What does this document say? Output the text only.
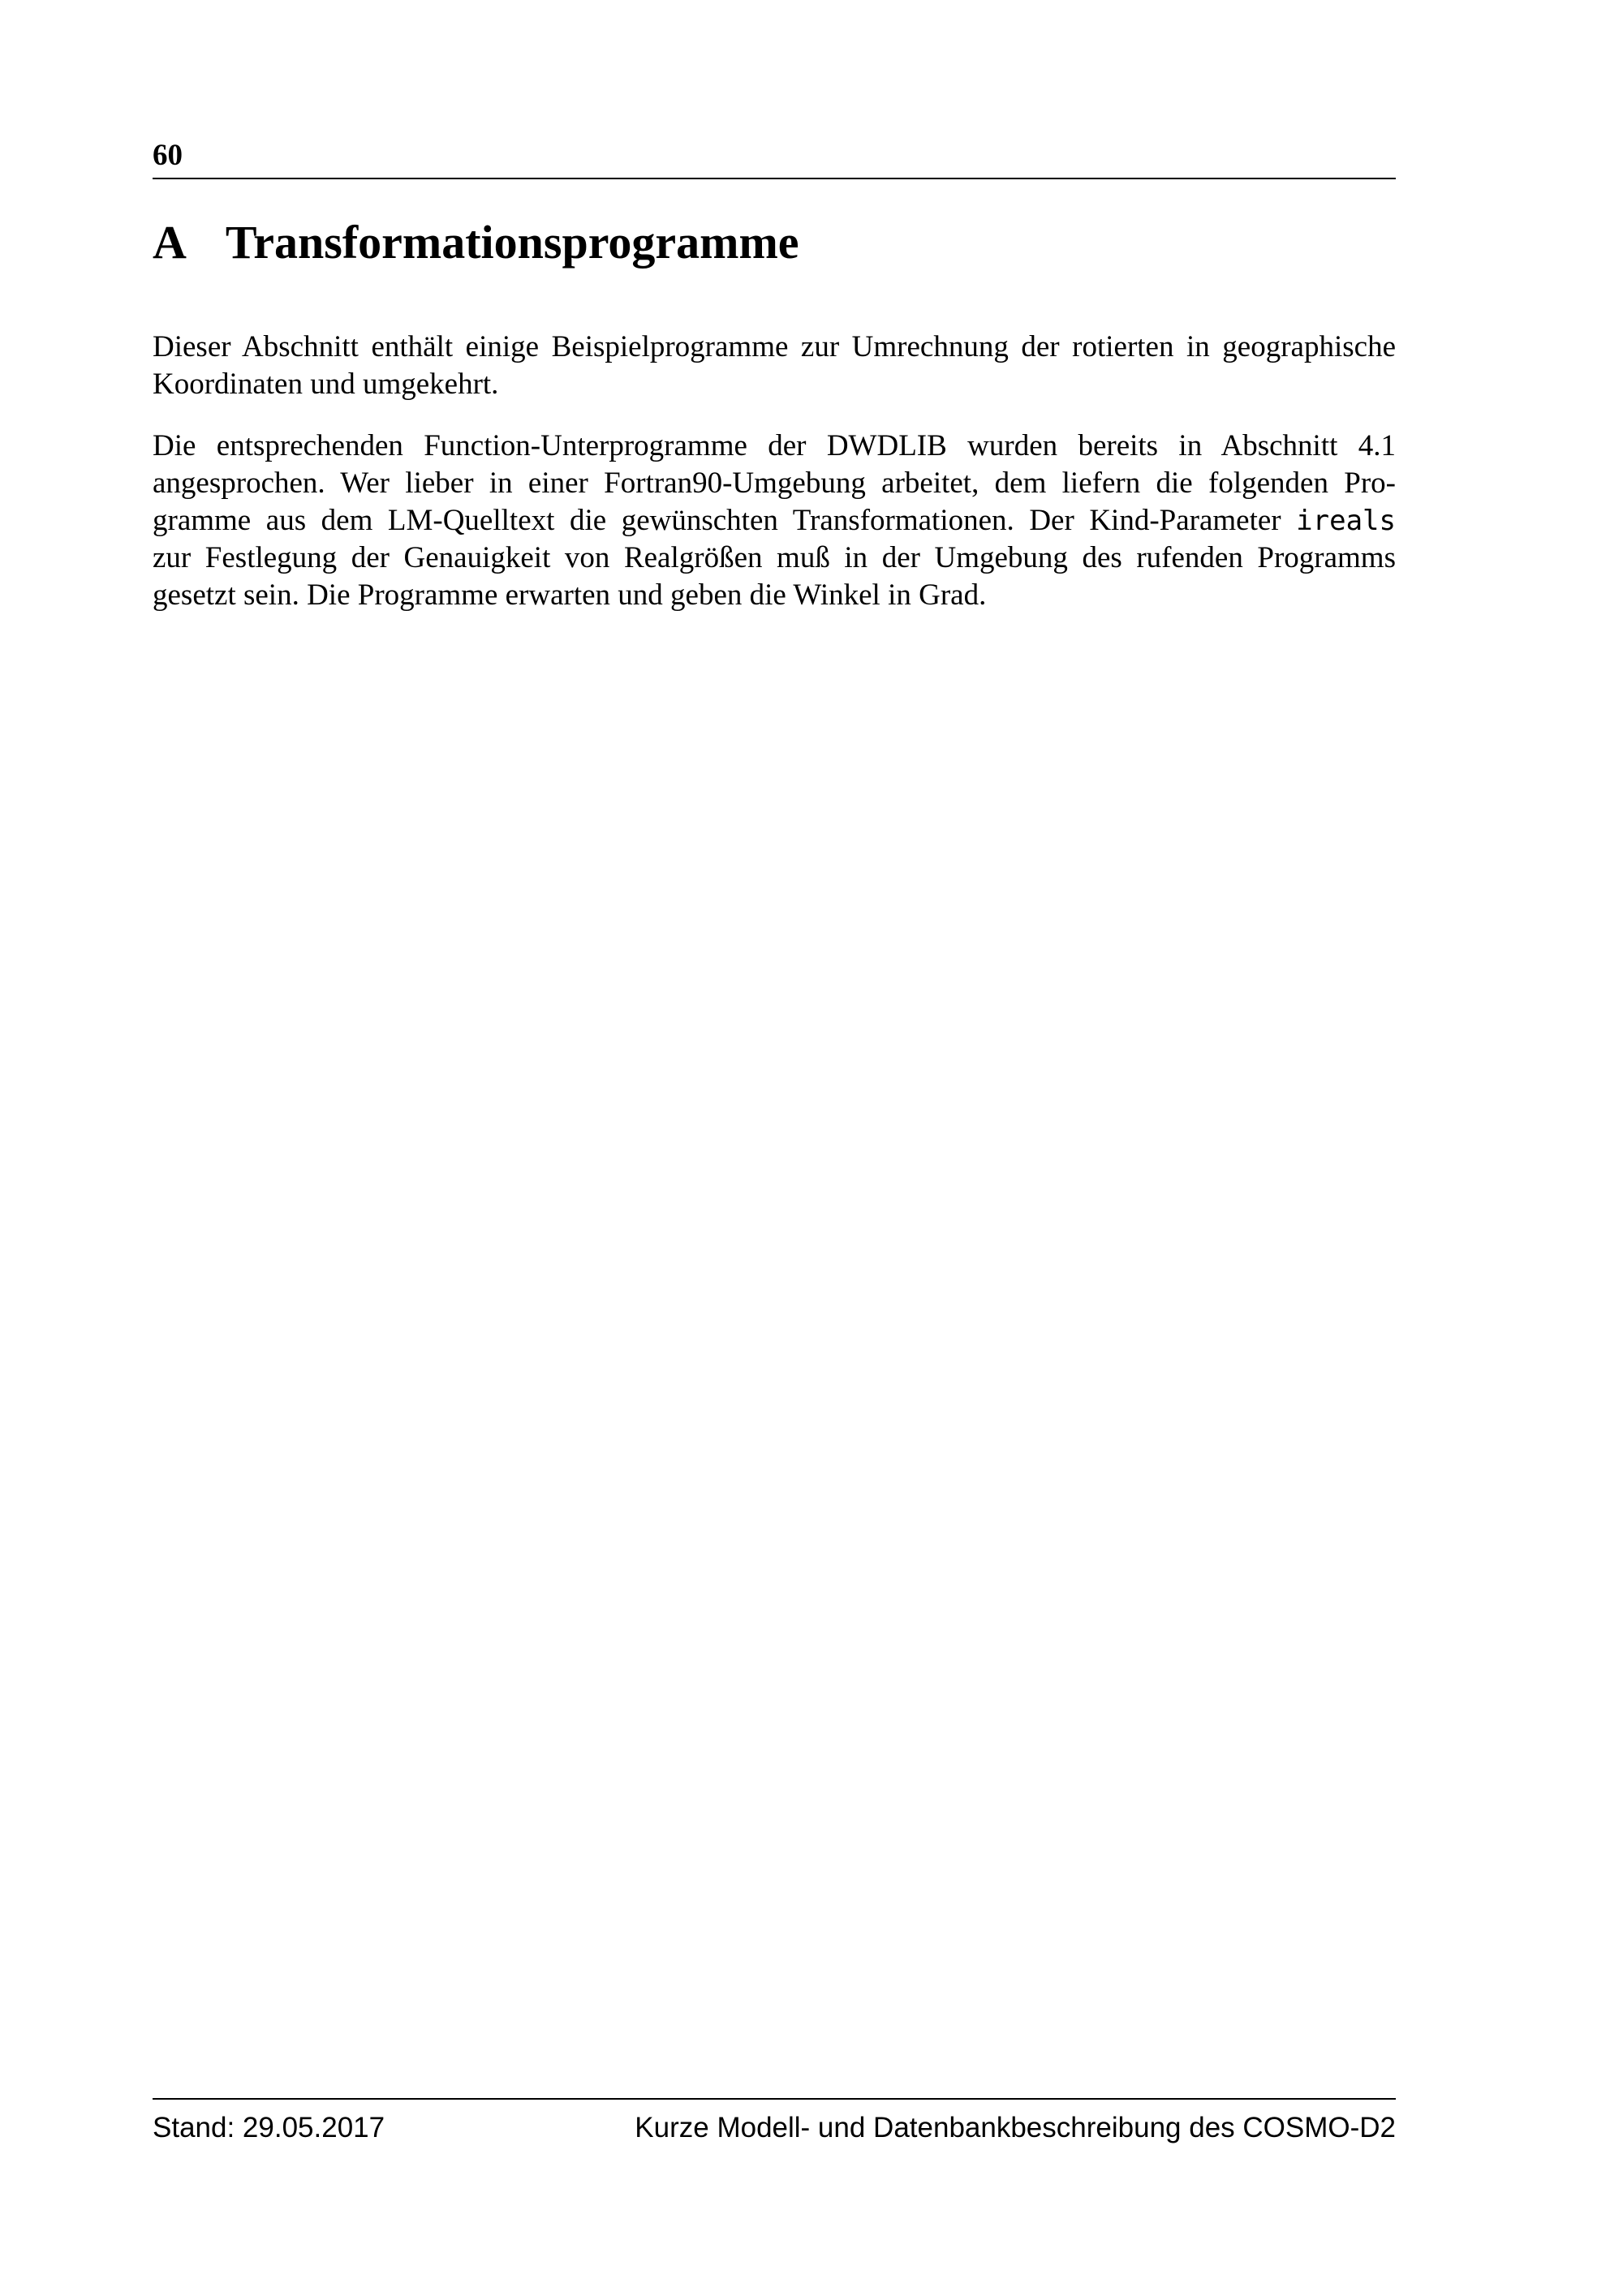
60
A Transformationsprogramme
Dieser Abschnitt enthält einige Beispielprogramme zur Umrechnung der rotierten in geographische
Koordinaten und umgekehrt.
Die entsprechenden Function-Unterprogramme der DWDLIB wurden bereits in Abschnitt 4.1
angesprochen. Wer lieber in einer Fortran90-Umgebung arbeitet, dem liefern die folgenden Pro-
gramme aus dem LM-Quelltext die gewünschten Transformationen. Der Kind-Parameter ireals
zur Festlegung der Genauigkeit von Realgrößen muß in der Umgebung des rufenden Programms
gesetzt sein. Die Programme erwarten und geben die Winkel in Grad.
Stand: 29.05.2017	Kurze Modell- und Datenbankbeschreibung des COSMO-D2
